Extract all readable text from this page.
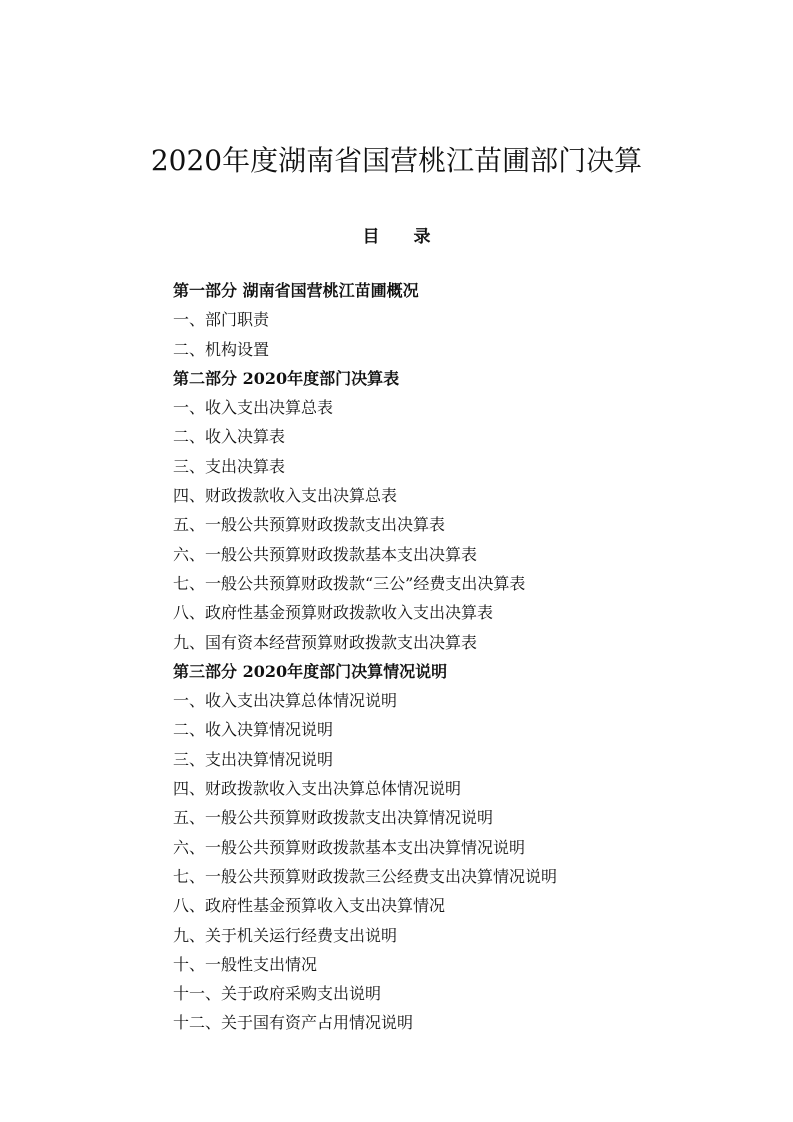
2020年度湖南省国营桃江苗圃部门决算
目 录
第一部分 湖南省国营桃江苗圃概况
一、部门职责
二、机构设置
第二部分 2020年度部门决算表
一、收入支出决算总表
二、收入决算表
三、支出决算表
四、财政拨款收入支出决算总表
五、一般公共预算财政拨款支出决算表
六、一般公共预算财政拨款基本支出决算表
七、一般公共预算财政拨款“三公”经费支出决算表
八、政府性基金预算财政拨款收入支出决算表
九、国有资本经营预算财政拨款支出决算表
第三部分 2020年度部门决算情况说明
一、收入支出决算总体情况说明
二、收入决算情况说明
三、支出决算情况说明
四、财政拨款收入支出决算总体情况说明
五、一般公共预算财政拨款支出决算情况说明
六、一般公共预算财政拨款基本支出决算情况说明
七、一般公共预算财政拨款三公经费支出决算情况说明
八、政府性基金预算收入支出决算情况
九、关于机关运行经费支出说明
十、一般性支出情况
十一、关于政府采购支出说明
十二、关于国有资产占用情况说明
